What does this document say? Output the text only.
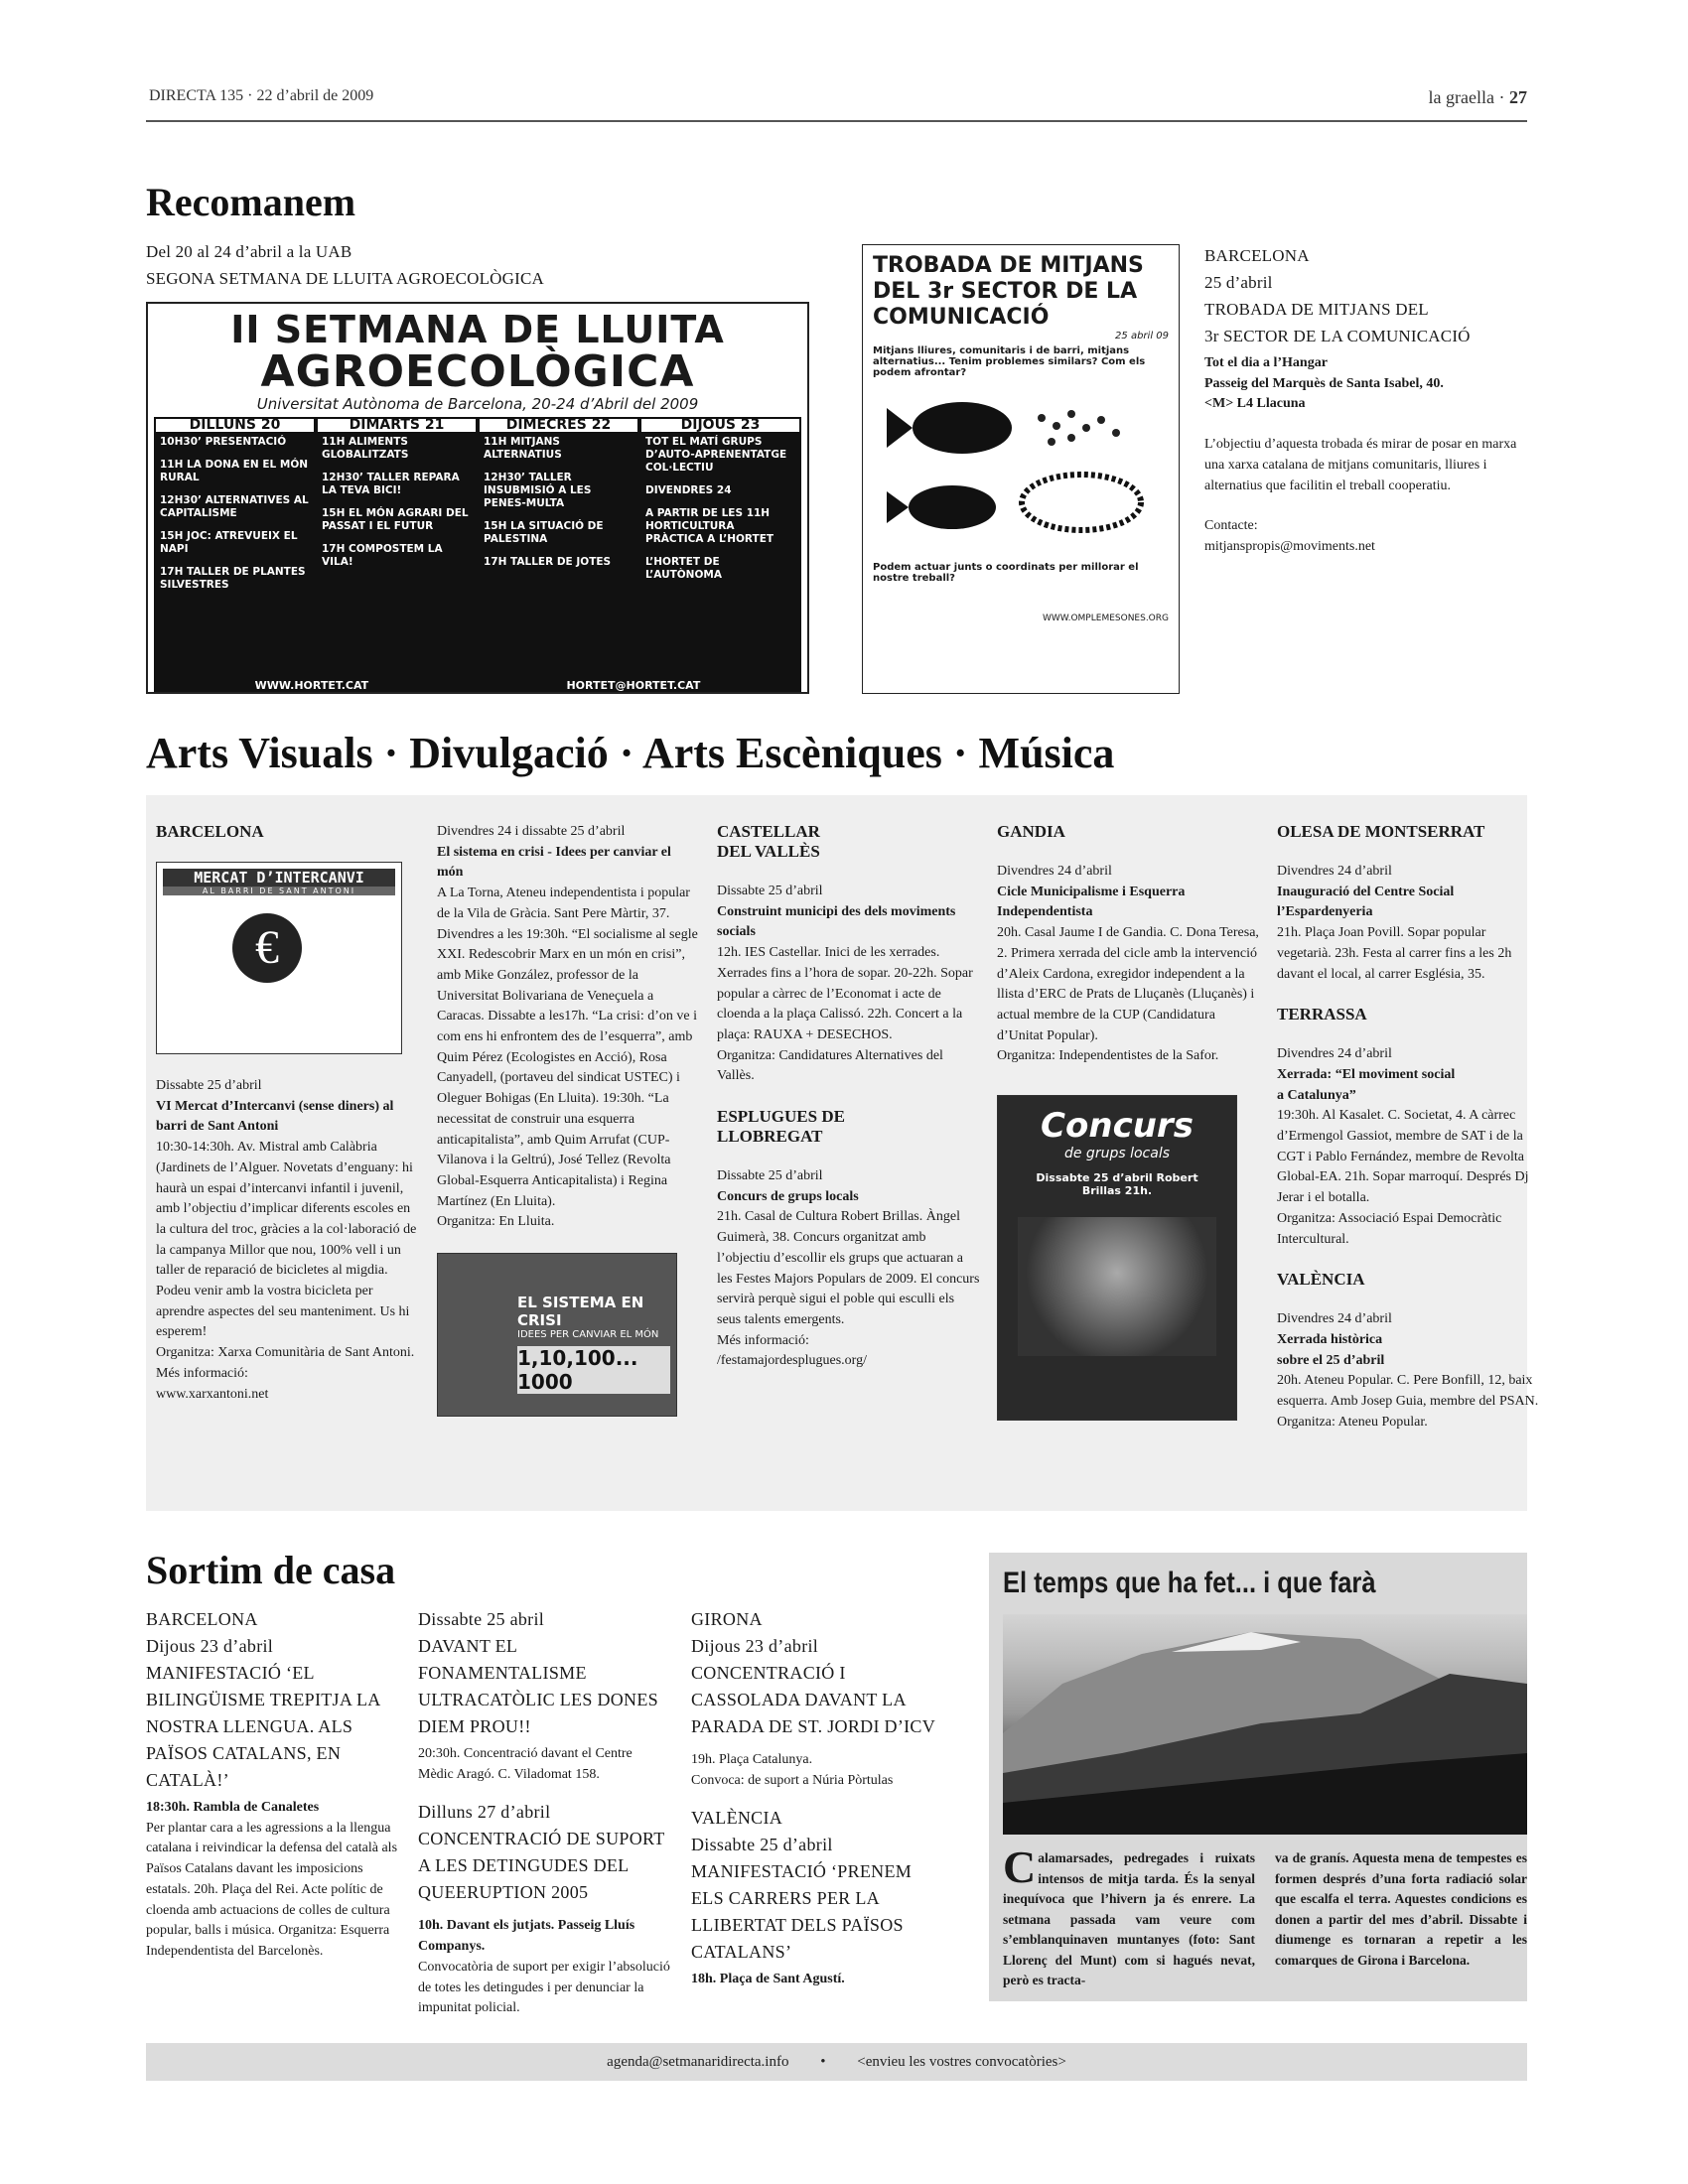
DIRECTA 135 · 22 d’abril de 2009	la graella · 27
Recomanem
Del 20 al 24 d’abril a la UAB
SEGONA SETMANA DE LLUITA AGROECOLÒGICA
II SETMANA DE LLUITA
AGROECOLÒGICA
Universitat Autònoma de Barcelona, 20-24 d’Abril del 2009
DILLUNS 20
10H30’ PRESENTACIÓ
11H LA DONA EN EL MÓN RURAL
12H30’ ALTERNATIVES AL CAPITALISME
15H JOC: ATREVUEIX EL NAPI
17H TALLER DE PLANTES SILVESTRES
DIMARTS 21
11H ALIMENTS GLOBALITZATS
12H30’ TALLER REPARA LA TEVA BICI!
15H EL MÓN AGRARI DEL PASSAT I EL FUTUR
17H COMPOSTEM LA VILA!
DIMECRES 22
11H MITJANS ALTERNATIUS
12H30’ TALLER INSUBMISIÓ A LES PENES-MULTA
15H LA SITUACIÓ DE PALESTINA
17H TALLER DE JOTES
DIJOUS 23
TOT EL MATÍ GRUPS D’AUTO-APRENENTATGE COL·LECTIU
DIVENDRES 24
A PARTIR DE LES 11H HORTICULTURA PRÀCTICA A L’HORTET
L’HORTET DE L’AUTÒNOMA
WWW.HORTET.CAT	HORTET@HORTET.CAT
TROBADA DE MITJANS DEL 3r SECTOR DE LA COMUNICACIÓ
25 abril 09
Mitjans lliures, comunitaris i de barri, mitjans alternatius... Tenim problemes similars? Com els podem afrontar?
Podem actuar junts o coordinats per millorar el nostre treball?
WWW.OMPLEMESONES.ORG
BARCELONA
25 d’abril
TROBADA DE MITJANS DEL
3r SECTOR DE LA COMUNICACIÓ
Tot el dia a l’Hangar
Passeig del Marquès de Santa Isabel, 40.
<M> L4 Llacuna
L’objectiu d’aquesta trobada és mirar de posar en marxa una xarxa catalana de mitjans comunitaris, lliures i alternatius que facilitin el treball cooperatiu.
Contacte:
mitjanspropis@moviments.net
Arts Visuals · Divulgació · Arts Escèniques · Música
BARCELONA
MERCAT D’INTERCANVI
AL BARRI DE SANT ANTONI
€
Dissabte 25 d’abril
VI Mercat d’Intercanvi (sense diners) al barri de Sant Antoni
10:30-14:30h. Av. Mistral amb Calàbria (Jardinets de l’Alguer. Novetats d’enguany: hi haurà un espai d’intercanvi infantil i juvenil, amb l’objectiu d’implicar diferents escoles en la cultura del troc, gràcies a la col·laboració de la campanya Millor que nou, 100% vell i un taller de reparació de bicicletes al migdia. Podeu venir amb la vostra bicicleta per aprendre aspectes del seu manteniment. Us hi esperem!
Organitza: Xarxa Comunitària de Sant Antoni.
Més informació:
www.xarxantoni.net
Divendres 24 i dissabte 25 d’abril
El sistema en crisi - Idees per canviar el món
A La Torna, Ateneu independentista i popular de la Vila de Gràcia. Sant Pere Màrtir, 37. Divendres a les 19:30h. “El socialisme al segle XXI. Redescobrir Marx en un món en crisi”, amb Mike González, professor de la Universitat Bolivariana de Veneçuela a Caracas. Dissabte a les17h. “La crisi: d’on ve i com ens hi enfrontem des de l’esquerra”, amb Quim Pérez (Ecologistes en Acció), Rosa Canyadell, (portaveu del sindicat USTEC) i Oleguer Bohigas (En Lluita). 19:30h. “La necessitat de construir una esquerra anticapitalista”, amb Quim Arrufat (CUP-Vilanova i la Geltrú), José Tellez (Revolta Global-Esquerra Anticapitalista) i Regina Martínez (En Lluita).
Organitza: En Lluita.
EL SISTEMA EN CRISI
IDEES PER CANVIAR EL MÓN
1,10,100... 1000
CASTELLAR DEL VALLÈS
Dissabte 25 d’abril
Construint municipi des dels moviments socials
12h. IES Castellar. Inici de les xerrades. Xerrades fins a l’hora de sopar. 20-22h. Sopar popular a càrrec de l’Economat i acte de cloenda a la plaça Calissó. 22h. Concert a la plaça: RAUXA + DESECHOS.
Organitza: Candidatures Alternatives del Vallès.
ESPLUGUES DE LLOBREGAT
Dissabte 25 d’abril
Concurs de grups locals
21h. Casal de Cultura Robert Brillas. Àngel Guimerà, 38. Concurs organitzat amb l’objectiu d’escollir els grups que actuaran a les Festes Majors Populars de 2009. El concurs servirà perquè sigui el poble qui esculli els seus talents emergents.
Més informació:
/festamajordesplugues.org/
GANDIA
Divendres 24 d’abril
Cicle Municipalisme i Esquerra Independentista
20h. Casal Jaume I de Gandia. C. Dona Teresa, 2. Primera xerrada del cicle amb la intervenció d’Aleix Cardona, exregidor independent a la llista d’ERC de Prats de Lluçanès (Lluçanès) i actual membre de la CUP (Candidatura d’Unitat Popular).
Organitza: Independentistes de la Safor.
Concurs
de grups locals
Dissabte 25 d’abril Robert Brillas 21h.
OLESA DE MONTSERRAT
Divendres 24 d’abril
Inauguració del Centre Social l’Espardenyeria
21h. Plaça Joan Povill. Sopar popular vegetarià. 23h. Festa al carrer fins a les 2h davant el local, al carrer Església, 35.
TERRASSA
Divendres 24 d’abril
Xerrada: “El moviment social a Catalunya”
19:30h. Al Kasalet. C. Societat, 4. A càrrec d’Ermengol Gassiot, membre de SAT i de la CGT i Pablo Fernández, membre de Revolta Global-EA. 21h. Sopar marroquí. Després Dj Jerar i el botalla.
Organitza: Associació Espai Democràtic Intercultural.
VALÈNCIA
Divendres 24 d’abril
Xerrada històrica sobre el 25 d’abril
20h. Ateneu Popular. C. Pere Bonfill, 12, baix esquerra. Amb Josep Guia, membre del PSAN.
Organitza: Ateneu Popular.
Sortim de casa
BARCELONA
Dijous 23 d’abril
MANIFESTACIÓ ‘EL BILINGÜISME TREPITJA LA NOSTRA LLENGUA. ALS PAÏSOS CATALANS, EN CATALÀ!’
18:30h. Rambla de Canaletes
Per plantar cara a les agressions a la llengua catalana i reivindicar la defensa del català als Països Catalans davant les imposicions estatals. 20h. Plaça del Rei. Acte polític de cloenda amb actuacions de colles de cultura popular, balls i música. Organitza: Esquerra Independentista del Barcelonès.
Dissabte 25 abril
DAVANT EL FONAMENTALISME ULTRACATÒLIC LES DONES DIEM PROU!!
20:30h. Concentració davant el Centre Mèdic Aragó. C. Viladomat 158.
Dilluns 27 d’abril
CONCENTRACIÓ DE SUPORT A LES DETINGUDES DEL QUEERUPTION 2005
10h. Davant els jutjats. Passeig Lluís Companys.
Convocatòria de suport per exigir l’absolució de totes les detingudes i per denunciar la impunitat policial.
GIRONA
Dijous 23 d’abril
CONCENTRACIÓ I CASSOLADA DAVANT LA PARADA DE ST. JORDI D’ICV
19h. Plaça Catalunya.
Convoca: de suport a Núria Pòrtulas
VALÈNCIA
Dissabte 25 d’abril
MANIFESTACIÓ ‘PRENEM ELS CARRERS PER LA LLIBERTAT DELS PAÏSOS CATALANS’
18h. Plaça de Sant Agustí.
El temps que ha fet... i que farà
Calamarsades, pedregades i ruixats intensos de mitja tarda. És la senyal inequívoca que l’hivern ja és enrere. La setmana passada vam veure com s’emblanquinaven muntanyes (foto: Sant Llorenç del Munt) com si hagués nevat, però es tracta-
va de granís. Aquesta mena de tempestes es formen després d’una forta radiació solar que escalfa el terra. Aquestes condicions es donen a partir del mes d’abril. Dissabte i diumenge es tornaran a repetir a les comarques de Girona i Barcelona.
agenda@setmanaridirecta.info • <envieu les vostres convocatòries>
